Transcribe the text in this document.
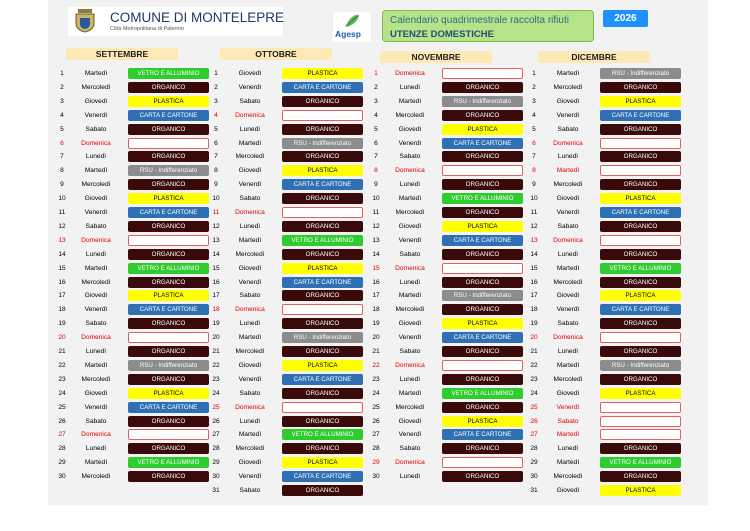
COMUNE DI MONTELEPRE
Città Metropolitana di Palermo	Agesp
Calendario quadrimestrale raccolta rifiuti
UTENZE DOMESTICHE
2026
SETTEMBRE
1	Martedì	VETRO E ALLUMINIO
2	Mercoledì	ORGANICO
3	Giovedì	PLASTICA
4	Venerdì	CARTA E CARTONE
5	Sabato	ORGANICO
6	Domenica
7	Lunedì	ORGANICO
8	Martedì	RSU - Indifferenziato
9	Mercoledì	ORGANICO
10	Giovedì	PLASTICA
11	Venerdì	CARTA E CARTONE
12	Sabato	ORGANICO
13	Domenica
14	Lunedì	ORGANICO
15	Martedì	VETRO E ALLUMINIO
16	Mercoledì	ORGANICO
17	Giovedì	PLASTICA
18	Venerdì	CARTA E CARTONE
19	Sabato	ORGANICO
20	Domenica
21	Lunedì	ORGANICO
22	Martedì	RSU - Indifferenziato
23	Mercoledì	ORGANICO
24	Giovedì	PLASTICA
25	Venerdì	CARTA E CARTONE
26	Sabato	ORGANICO
27	Domenica
28	Lunedì	ORGANICO
29	Martedì	VETRO E ALLUMINIO
30	Mercoledì	ORGANICO
OTTOBRE
1	Giovedì	PLASTICA
2	Venerdì	CARTA E CARTONE
3	Sabato	ORGANICO
4	Domenica
5	Lunedì	ORGANICO
6	Martedì	RSU - Indifferenziato
7	Mercoledì	ORGANICO
8	Giovedì	PLASTICA
9	Venerdì	CARTA E CARTONE
10	Sabato	ORGANICO
11	Domenica
12	Lunedì	ORGANICO
13	Martedì	VETRO E ALLUMINIO
14	Mercoledì	ORGANICO
15	Giovedì	PLASTICA
16	Venerdì	CARTA E CARTONE
17	Sabato	ORGANICO
18	Domenica
19	Lunedì	ORGANICO
20	Martedì	RSU - Indifferenziato
21	Mercoledì	ORGANICO
22	Giovedì	PLASTICA
23	Venerdì	CARTA E CARTONE
24	Sabato	ORGANICO
25	Domenica
26	Lunedì	ORGANICO
27	Martedì	VETRO E ALLUMINIO
28	Mercoledì	ORGANICO
29	Giovedì	PLASTICA
30	Venerdì	CARTA E CARTONE
31	Sabato	ORGANICO
NOVEMBRE
1	Domenica
2	Lunedì	ORGANICO
3	Martedì	RSU - Indifferenziato
4	Mercoledì	ORGANICO
5	Giovedì	PLASTICA
6	Venerdì	CARTA E CARTONE
7	Sabato	ORGANICO
8	Domenica
9	Lunedì	ORGANICO
10	Martedì	VETRO E ALLUMINIO
11	Mercoledì	ORGANICO
12	Giovedì	PLASTICA
13	Venerdì	CARTA E CARTONE
14	Sabato	ORGANICO
15	Domenica
16	Lunedì	ORGANICO
17	Martedì	RSU - Indifferenziato
18	Mercoledì	ORGANICO
19	Giovedì	PLASTICA
20	Venerdì	CARTA E CARTONE
21	Sabato	ORGANICO
22	Domenica
23	Lunedì	ORGANICO
24	Martedì	VETRO E ALLUMINIO
25	Mercoledì	ORGANICO
26	Giovedì	PLASTICA
27	Venerdì	CARTA E CARTONE
28	Sabato	ORGANICO
29	Domenica
30	Lunedì	ORGANICO
DICEMBRE
1	Martedì	RSU - Indifferenziato
2	Mercoledì	ORGANICO
3	Giovedì	PLASTICA
4	Venerdì	CARTA E CARTONE
5	Sabato	ORGANICO
6	Domenica
7	Lunedì	ORGANICO
8	Martedì
9	Mercoledì	ORGANICO
10	Giovedì	PLASTICA
11	Venerdì	CARTA E CARTONE
12	Sabato	ORGANICO
13	Domenica
14	Lunedì	ORGANICO
15	Martedì	VETRO E ALLUMINIO
16	Mercoledì	ORGANICO
17	Giovedì	PLASTICA
18	Venerdì	CARTA E CARTONE
19	Sabato	ORGANICO
20	Domenica
21	Lunedì	ORGANICO
22	Martedì	RSU - Indifferenziato
23	Mercoledì	ORGANICO
24	Giovedì	PLASTICA
25	Venerdì
26	Sabato
27	Martedì
28	Lunedì	ORGANICO
29	Martedì	VETRO E ALLUMINIO
30	Mercoledì	ORGANICO
31	Giovedì	PLASTICA
